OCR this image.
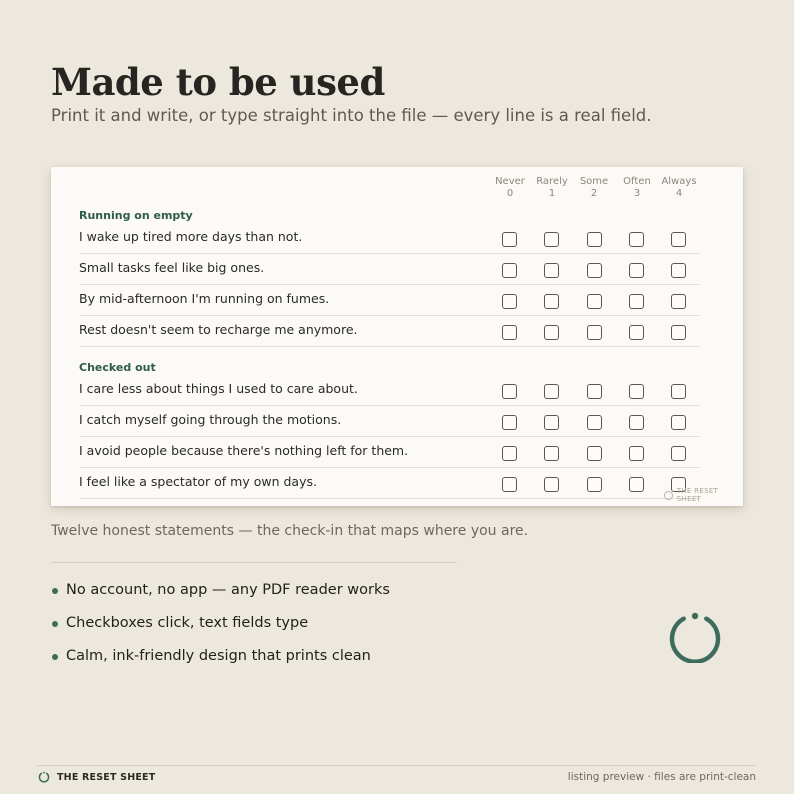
Made to be used
Print it and write, or type straight into the file — every line is a real field.
Never
0
Rarely
1
Some
2
Often
3
Always
4
Running on empty
I wake up tired more days than not.
Small tasks feel like big ones.
By mid-afternoon I'm running on fumes.
Rest doesn't seem to recharge me anymore.
Checked out
I care less about things I used to care about.
I catch myself going through the motions.
I avoid people because there's nothing left for them.
I feel like a spectator of my own days.
THE RESET SHEET
Twelve honest statements — the check-in that maps where you are.
No account, no app — any PDF reader works
Checkboxes click, text fields type
Calm, ink-friendly design that prints clean
THE RESET SHEET	listing preview · files are print-clean
